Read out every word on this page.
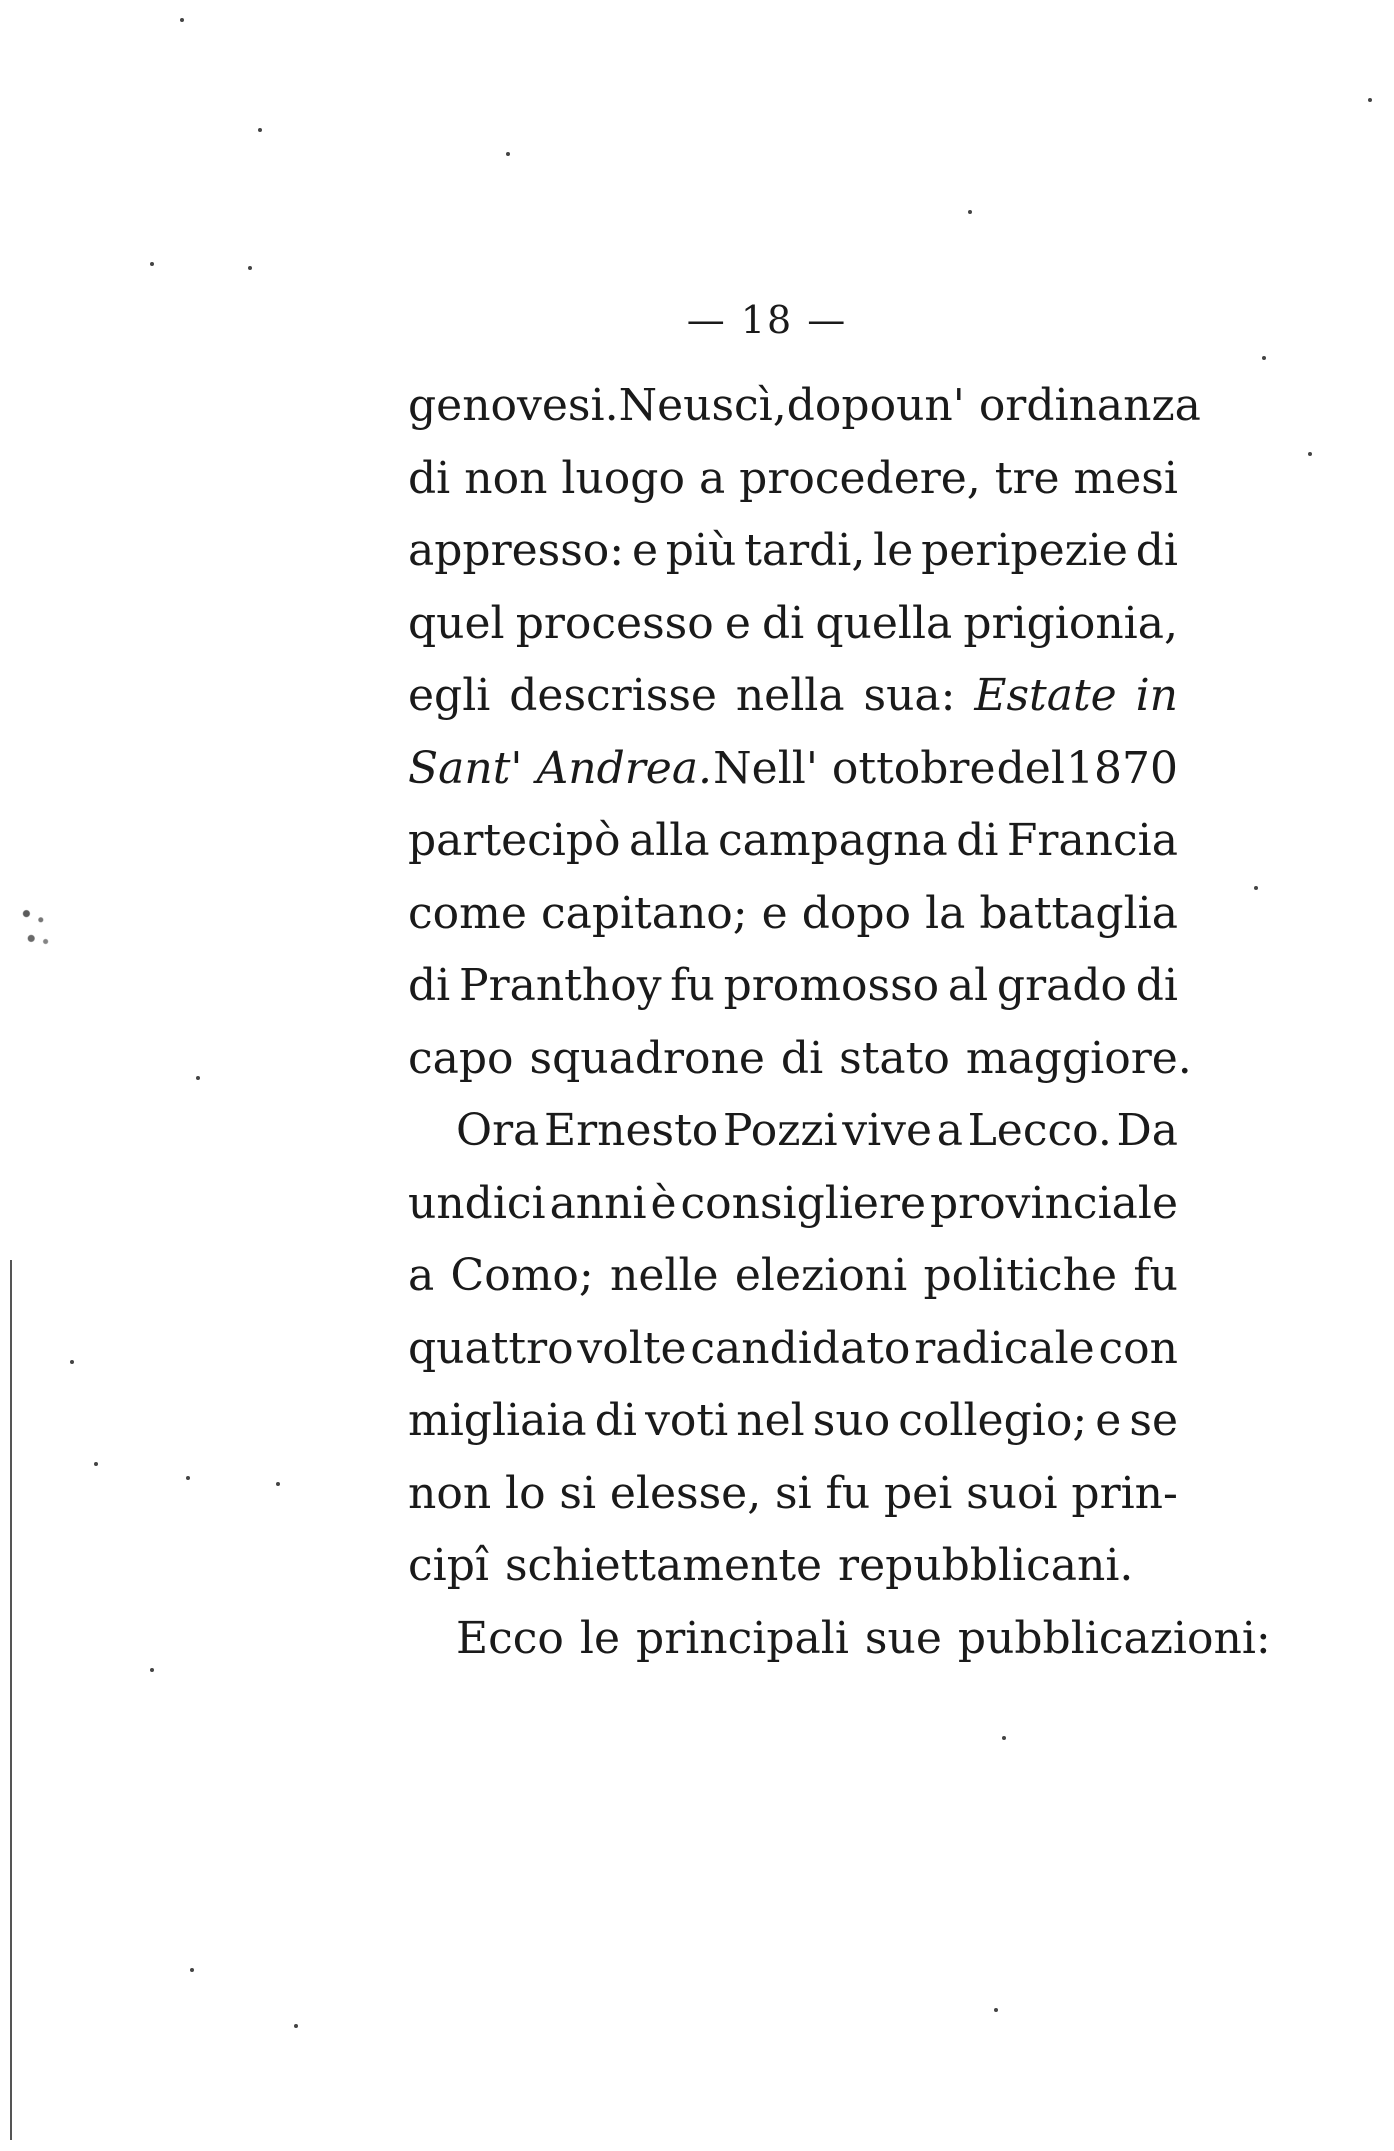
— 18 —
genovesi. Ne uscì, dopo un' ordinanza
di non luogo a procedere, tre mesi
appresso: e più tardi, le peripezie di
quel processo e di quella prigionia,
egli descrisse nella sua: Estate in
Sant' Andrea. Nell' ottobre del 1870
partecipò alla campagna di Francia
come capitano; e dopo la battaglia
di Pranthoy fu promosso al grado di
capo squadrone di stato maggiore.
Ora Ernesto Pozzi vive a Lecco. Da
undici anni è consigliere provinciale
a Como; nelle elezioni politiche fu
quattro volte candidato radicale con
migliaia di voti nel suo collegio; e se
non lo si elesse, si fu pei suoi prin-
cipî schiettamente repubblicani.
Ecco le principali sue pubblicazioni:
